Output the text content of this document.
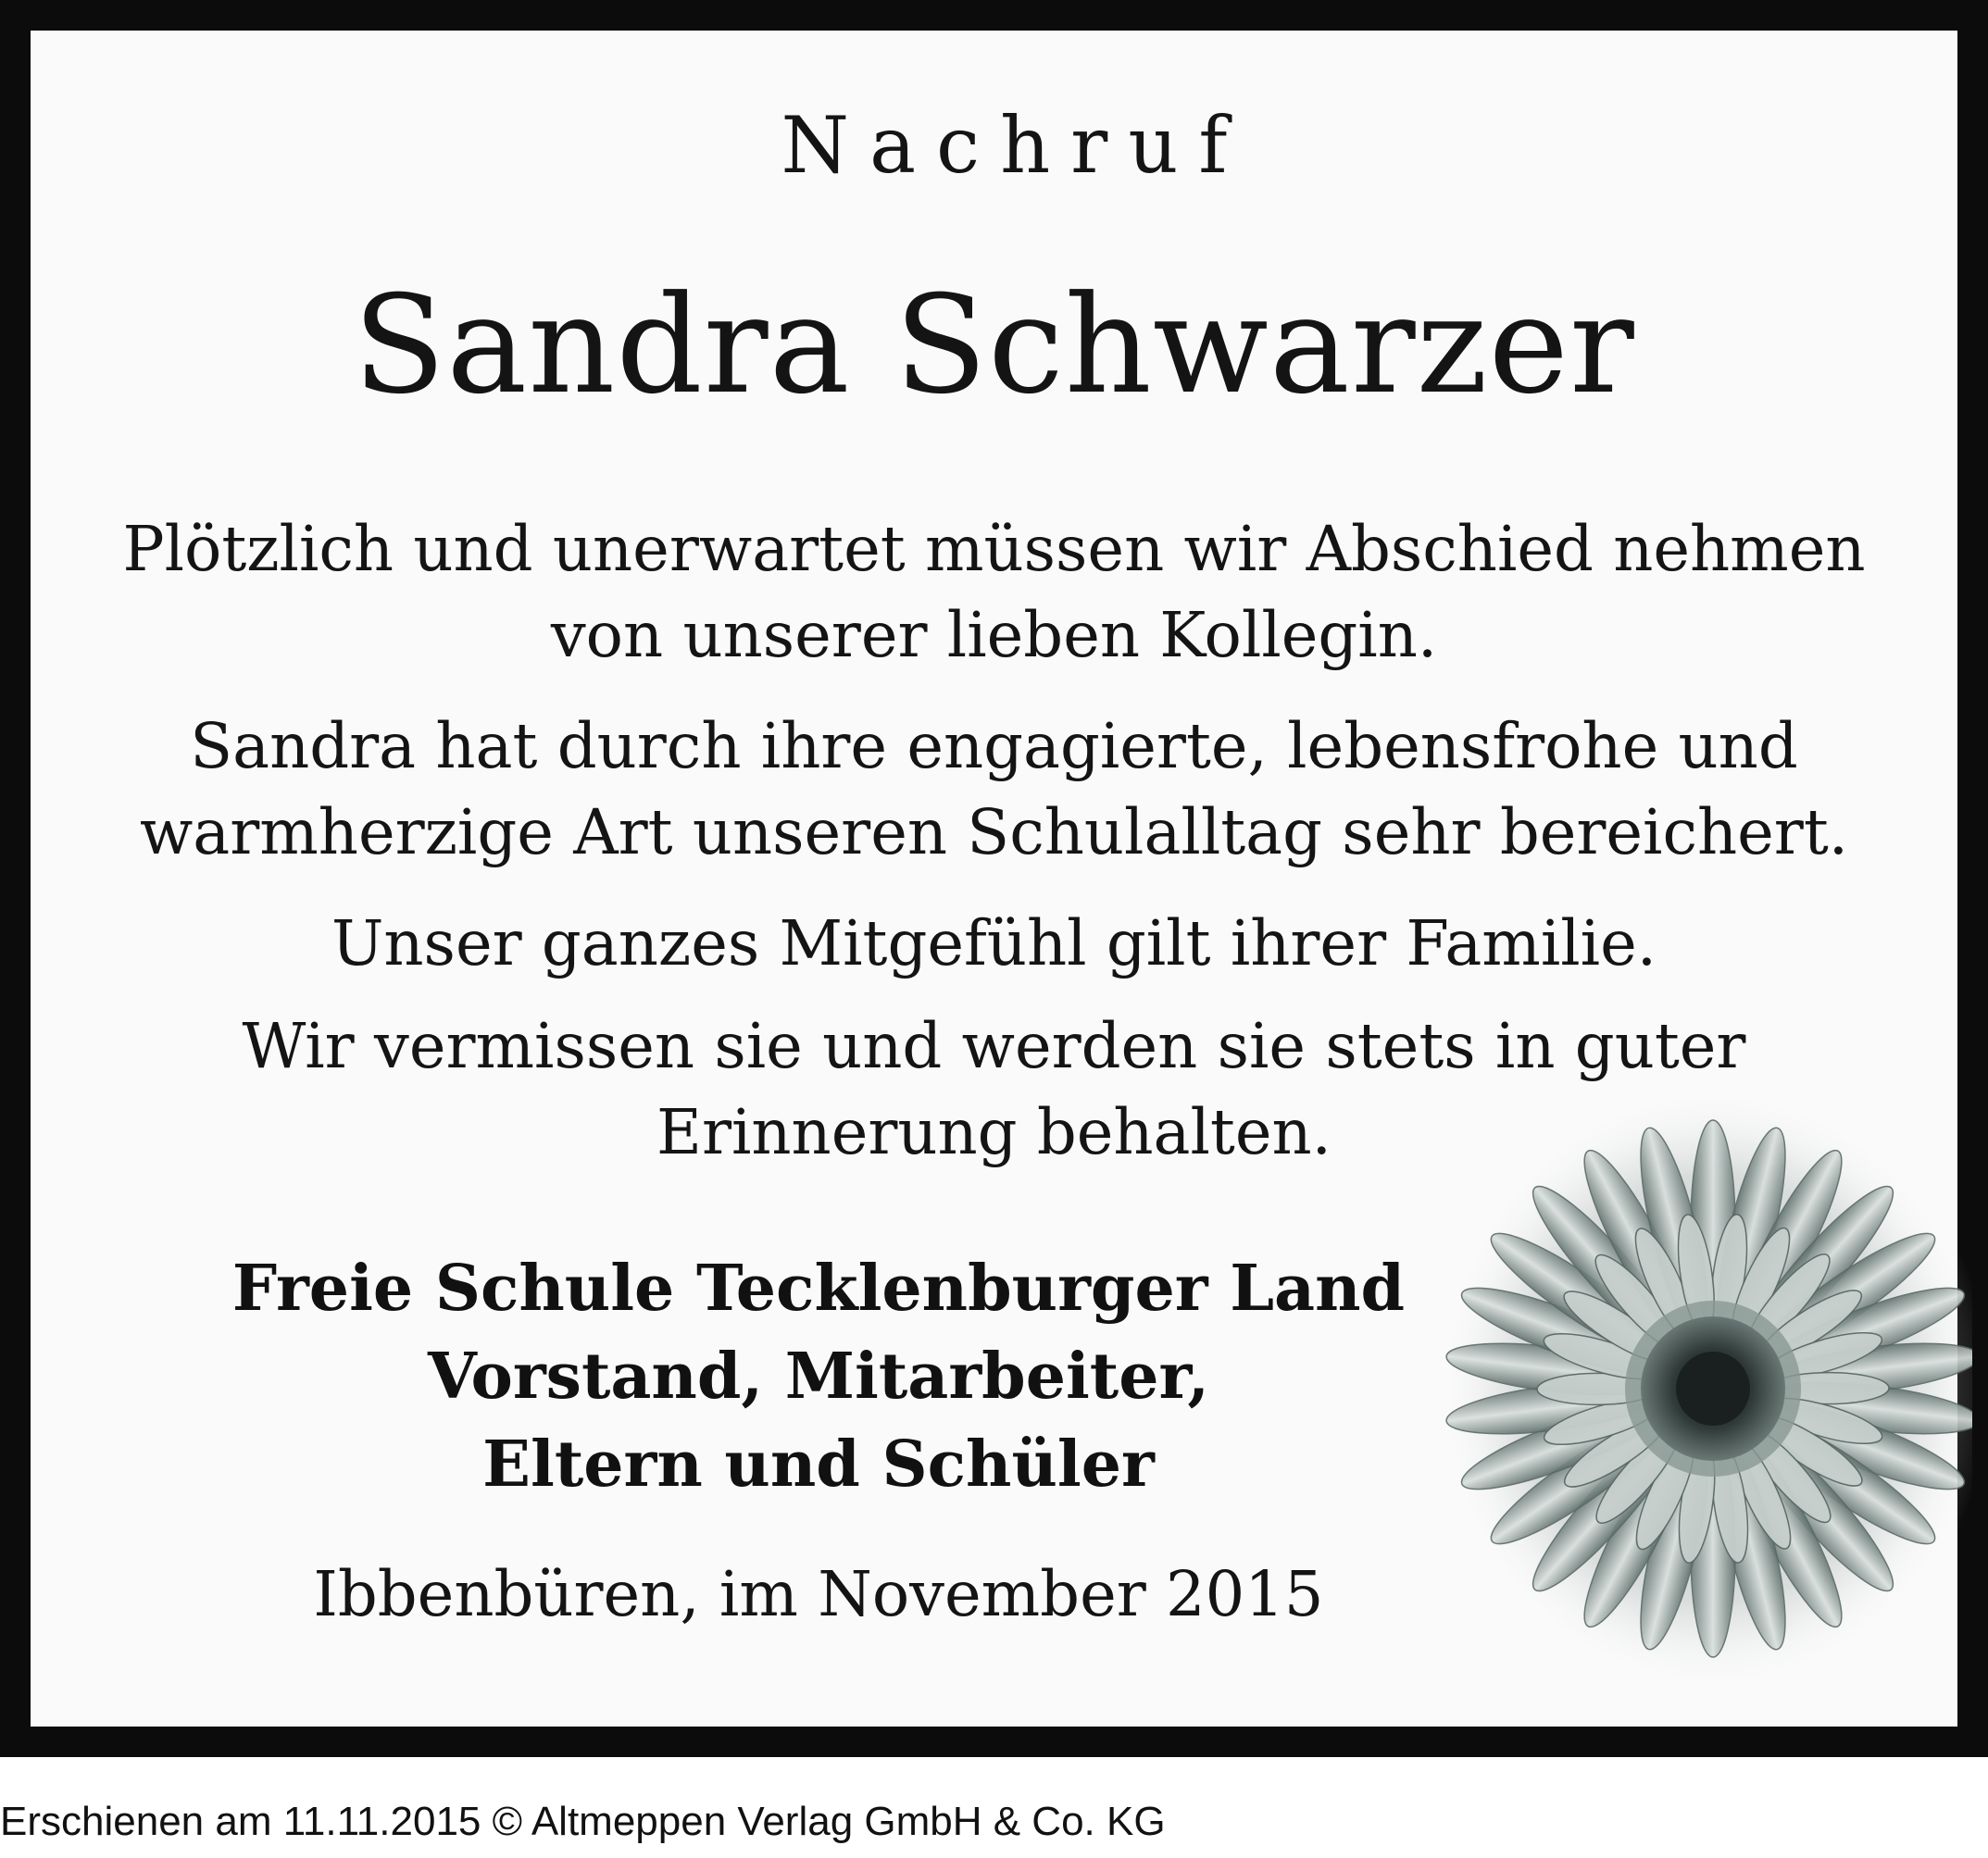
Nachruf
Sandra Schwarzer
Plötzlich und unerwartet müssen wir Abschied nehmen
von unserer lieben Kollegin.
Sandra hat durch ihre engagierte, lebensfrohe und
warmherzige Art unseren Schulalltag sehr bereichert.
Unser ganzes Mitgefühl gilt ihrer Familie.
Wir vermissen sie und werden sie stets in guter
Erinnerung behalten.
Freie Schule Tecklenburger Land
Vorstand, Mitarbeiter,
Eltern und Schüler
Ibbenbüren, im November 2015
Erschienen am 11.11.2015 © Altmeppen Verlag GmbH & Co. KG
